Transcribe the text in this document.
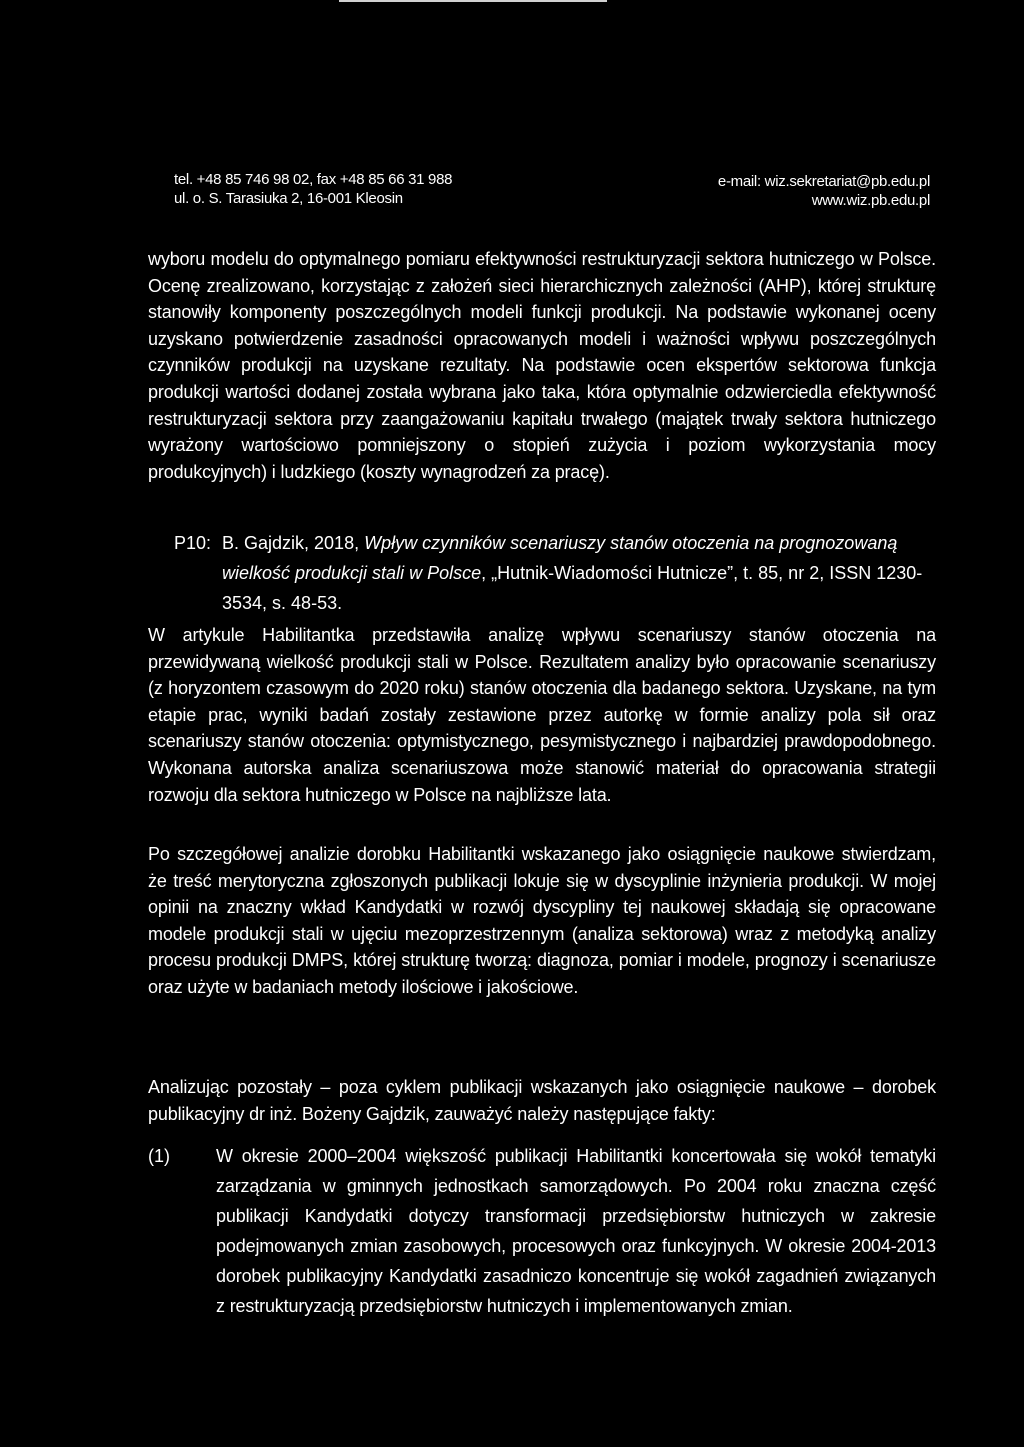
tel. +48 85 746 98 02, fax +48 85 66 31 988
ul. o. S. Tarasiuka 2, 16-001 Kleosin
e-mail: wiz.sekretariat@pb.edu.pl
www.wiz.pb.edu.pl

wyboru modelu do optymalnego pomiaru efektywności restrukturyzacji sektora hutniczego w Polsce. Ocenę zrealizowano, korzystając z założeń sieci hierarchicznych zależności (AHP), której strukturę stanowiły komponenty poszczególnych modeli funkcji produkcji. Na podstawie wykonanej oceny uzyskano potwierdzenie zasadności opracowanych modeli i ważności wpływu poszczególnych czynników produkcji na uzyskane rezultaty. Na podstawie ocen ekspertów sektorowa funkcja produkcji wartości dodanej została wybrana jako taka, która optymalnie odzwierciedla efektywność restrukturyzacji sektora przy zaangażowaniu kapitału trwałego (majątek trwały sektora hutniczego wyrażony wartościowo pomniejszony o stopień zużycia i poziom wykorzystania mocy produkcyjnych) i ludzkiego (koszty wynagrodzeń za pracę).

P10: B. Gajdzik, 2018, Wpływ czynników scenariuszy stanów otoczenia na prognozowaną wielkość produkcji stali w Polsce, „Hutnik-Wiadomości Hutnicze”, t. 85, nr 2, ISSN 1230-3534, s. 48-53.

W artykule Habilitantka przedstawiła analizę wpływu scenariuszy stanów otoczenia na przewidywaną wielkość produkcji stali w Polsce. Rezultatem analizy było opracowanie scenariuszy (z horyzontem czasowym do 2020 roku) stanów otoczenia dla badanego sektora. Uzyskane, na tym etapie prac, wyniki badań zostały zestawione przez autorkę w formie analizy pola sił oraz scenariuszy stanów otoczenia: optymistycznego, pesymistycznego i najbardziej prawdopodobnego. Wykonana autorska analiza scenariuszowa może stanowić materiał do opracowania strategii rozwoju dla sektora hutniczego w Polsce na najbliższe lata.

Po szczegółowej analizie dorobku Habilitantki wskazanego jako osiągnięcie naukowe stwierdzam, że treść merytoryczna zgłoszonych publikacji lokuje się w dyscyplinie inżynieria produkcji. W mojej opinii na znaczny wkład Kandydatki w rozwój dyscypliny tej naukowej składają się opracowane modele produkcji stali w ujęciu mezoprzestrzennym (analiza sektorowa) wraz z metodyką analizy procesu produkcji DMPS, której strukturę tworzą: diagnoza, pomiar i modele, prognozy i scenariusze oraz użyte w badaniach metody ilościowe i jakościowe.

Analizując pozostały – poza cyklem publikacji wskazanych jako osiągnięcie naukowe – dorobek publikacyjny dr inż. Bożeny Gajdzik, zauważyć należy następujące fakty:

(1)	W okresie 2000–2004 większość publikacji Habilitantki koncertowała się wokół tematyki zarządzania w gminnych jednostkach samorządowych. Po 2004 roku znaczna część publikacji Kandydatki dotyczy transformacji przedsiębiorstw hutniczych w zakresie podejmowanych zmian zasobowych, procesowych oraz funkcyjnych. W okresie 2004-2013 dorobek publikacyjny Kandydatki zasadniczo koncentruje się wokół zagadnień związanych z restrukturyzacją przedsiębiorstw hutniczych i implementowanych zmian.
